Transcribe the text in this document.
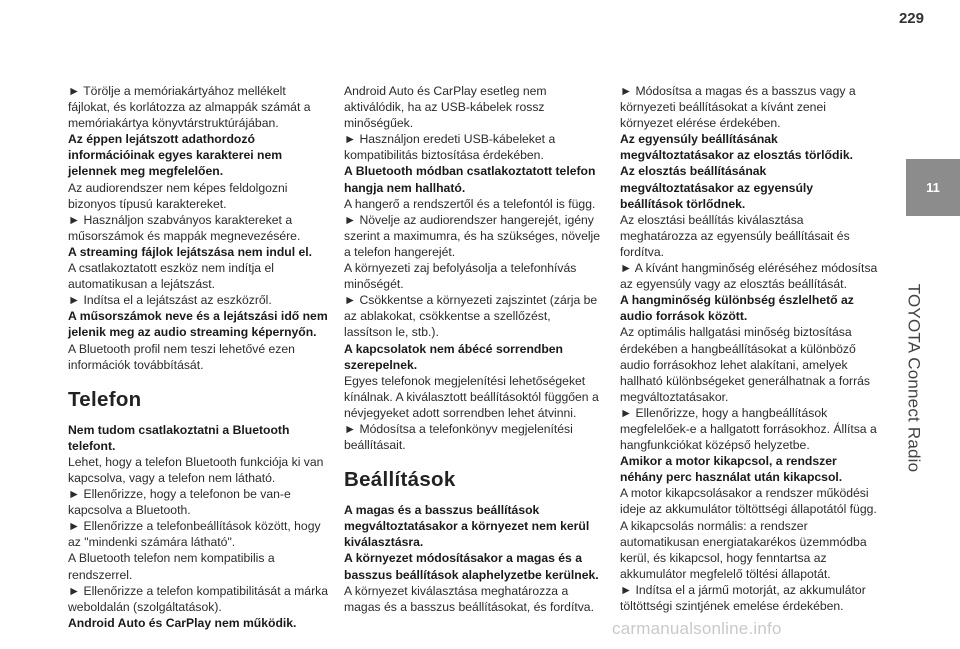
229
11
TOYOTA Connect Radio

► Törölje a memóriakártyához mellékelt fájlokat, és korlátozza az almappák számát a memóriakártya könyvtárstruktúrájában.

Az éppen lejátszott adathordozó információinak egyes karakterei nem jelennek meg megfelelően.

Az audiorendszer nem képes feldolgozni bizonyos típusú karaktereket.

► Használjon szabványos karaktereket a műsorszámok és mappák megnevezésére.

A streaming fájlok lejátszása nem indul el.

A csatlakoztatott eszköz nem indítja el automatikusan a lejátszást.

► Indítsa el a lejátszást az eszközről.

A műsorszámok neve és a lejátszási idő nem jelenik meg az audio streaming képernyőn.

A Bluetooth profil nem teszi lehetővé ezen információk továbbítását.

Telefon

Nem tudom csatlakoztatni a Bluetooth telefont.

Lehet, hogy a telefon Bluetooth funkciója ki van kapcsolva, vagy a telefon nem látható.

► Ellenőrizze, hogy a telefonon be van-e kapcsolva a Bluetooth.

► Ellenőrizze a telefonbeállítások között, hogy az "mindenki számára látható".

A Bluetooth telefon nem kompatibilis a rendszerrel.

► Ellenőrizze a telefon kompatibilitását a márka weboldalán (szolgáltatások).

Android Auto és CarPlay nem működik.

Android Auto és CarPlay esetleg nem aktiválódik, ha az USB-kábelek rossz minőségűek.

► Használjon eredeti USB-kábeleket a kompatibilitás biztosítása érdekében.

A Bluetooth módban csatlakoztatott telefon hangja nem hallható.

A hangerő a rendszertől és a telefontól is függ.

► Növelje az audiorendszer hangerejét, igény szerint a maximumra, és ha szükséges, növelje a telefon hangerejét.

A környezeti zaj befolyásolja a telefonhívás minőségét.

► Csökkentse a környezeti zajszintet (zárja be az ablakokat, csökkentse a szellőzést, lassítson le, stb.).

A kapcsolatok nem ábécé sorrendben szerepelnek.

Egyes telefonok megjelenítési lehetőségeket kínálnak. A kiválasztott beállításoktól függően a névjegyeket adott sorrendben lehet átvinni.

► Módosítsa a telefonkönyv megjelenítési beállításait.

Beállítások

A magas és a basszus beállítások megváltoztatásakor a környezet nem kerül kiválasztásra.

A környezet módosításakor a magas és a basszus beállítások alaphelyzetbe kerülnek.

A környezet kiválasztása meghatározza a magas és a basszus beállításokat, és fordítva.

► Módosítsa a magas és a basszus vagy a környezeti beállításokat a kívánt zenei környezet elérése érdekében.

Az egyensúly beállításának megváltoztatásakor az elosztás törlődik.

Az elosztás beállításának megváltoztatásakor az egyensúly beállítások törlődnek.

Az elosztási beállítás kiválasztása meghatározza az egyensúly beállításait és fordítva.

► A kívánt hangminőség eléréséhez módosítsa az egyensúly vagy az elosztás beállítását.

A hangminőség különbség észlelhető az audio források között.

Az optimális hallgatási minőség biztosítása érdekében a hangbeállításokat a különböző audio forrásokhoz lehet alakítani, amelyek hallható különbségeket generálhatnak a forrás megváltoztatásakor.

► Ellenőrizze, hogy a hangbeállítások megfelelőek-e a hallgatott forrásokhoz. Állítsa a hangfunkciókat középső helyzetbe.

Amikor a motor kikapcsol, a rendszer néhány perc használat után kikapcsol.

A motor kikapcsolásakor a rendszer működési ideje az akkumulátor töltöttségi állapotától függ.

A kikapcsolás normális: a rendszer automatikusan energiatakarékos üzemmódba kerül, és kikapcsol, hogy fenntartsa az akkumulátor megfelelő töltési állapotát.

► Indítsa el a jármű motorját, az akkumulátor töltöttségi szintjének emelése érdekében.

carmanualsonline.info
